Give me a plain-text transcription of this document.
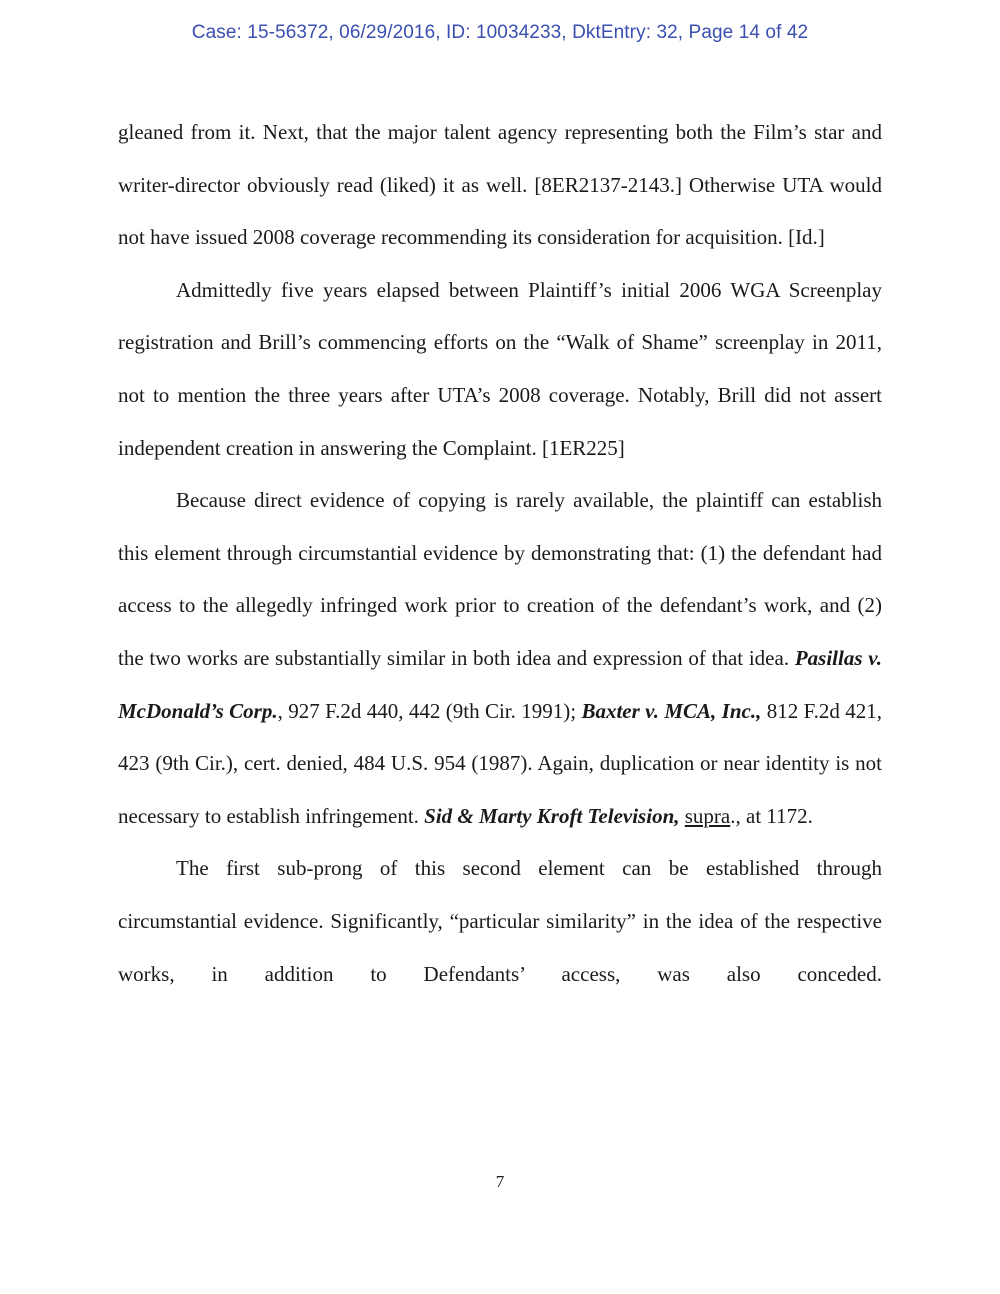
Case: 15-56372, 06/29/2016, ID: 10034233, DktEntry: 32, Page 14 of 42

gleaned from it. Next, that the major talent agency representing both the Film’s star and writer-director obviously read (liked) it as well. [8ER2137-2143.] Otherwise UTA would not have issued 2008 coverage recommending its consideration for acquisition. [Id.]

Admittedly five years elapsed between Plaintiff’s initial 2006 WGA Screenplay registration and Brill’s commencing efforts on the “Walk of Shame” screenplay in 2011, not to mention the three years after UTA’s 2008 coverage. Notably, Brill did not assert independent creation in answering the Complaint. [1ER225]

Because direct evidence of copying is rarely available, the plaintiff can establish this element through circumstantial evidence by demonstrating that: (1) the defendant had access to the allegedly infringed work prior to creation of the defendant’s work, and (2) the two works are substantially similar in both idea and expression of that idea. Pasillas v. McDonald’s Corp., 927 F.2d 440, 442 (9th Cir. 1991); Baxter v. MCA, Inc., 812 F.2d 421, 423 (9th Cir.), cert. denied, 484 U.S. 954 (1987). Again, duplication or near identity is not necessary to establish infringement. Sid & Marty Kroft Television, supra., at 1172.

The first sub-prong of this second element can be established through circumstantial evidence. Significantly, “particular similarity” in the idea of the respective works, in addition to Defendants’ access, was also conceded.

7
